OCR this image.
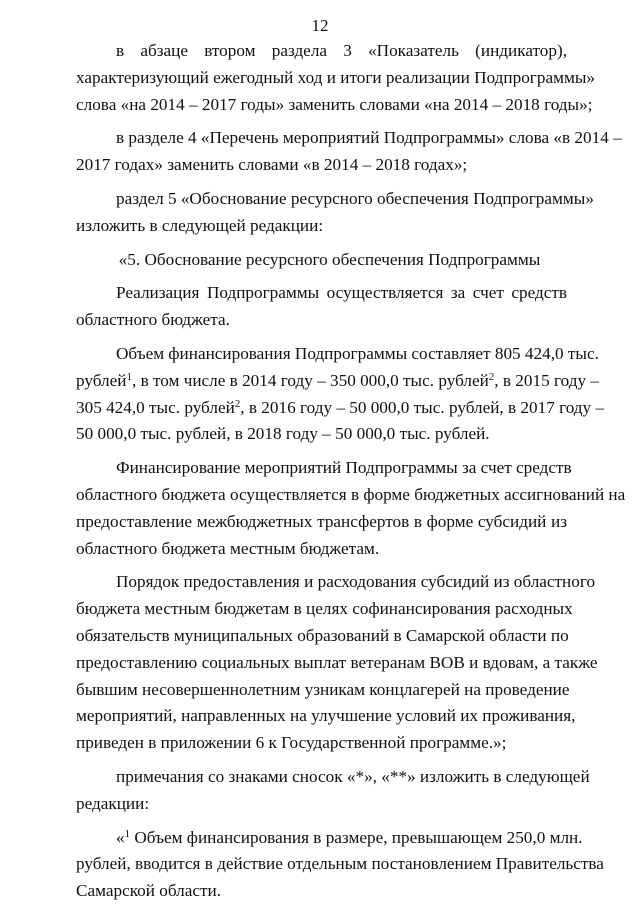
12
в абзаце втором раздела 3 «Показатель (индикатор),
характеризующий ежегодный ход и итоги реализации Подпрограммы»
слова «на 2014 – 2017 годы» заменить словами «на 2014 – 2018 годы»;
в разделе 4 «Перечень мероприятий Подпрограммы» слова «в 2014 –
2017 годах» заменить словами «в 2014 – 2018 годах»;
раздел 5 «Обоснование ресурсного обеспечения Подпрограммы»
изложить в следующей редакции:
«5. Обоснование ресурсного обеспечения Подпрограммы
Реализация Подпрограммы осуществляется за счет средств
областного бюджета.
Объем финансирования Подпрограммы составляет 805 424,0 тыс.
рублей$^1$, в том числе в 2014 году – 350 000,0 тыс. рублей$^2$, в 2015 году –
305 424,0 тыс. рублей$^2$, в 2016 году – 50 000,0 тыс. рублей, в 2017 году –
50 000,0 тыс. рублей, в 2018 году – 50 000,0 тыс. рублей.
Финансирование мероприятий Подпрограммы за счет средств
областного бюджета осуществляется в форме бюджетных ассигнований на
предоставление межбюджетных трансфертов в форме субсидий из
областного бюджета местным бюджетам.
Порядок предоставления и расходования субсидий из областного
бюджета местным бюджетам в целях софинансирования расходных
обязательств муниципальных образований в Самарской области по
предоставлению социальных выплат ветеранам ВОВ и вдовам, а также
бывшим несовершеннолетним узникам концлагерей на проведение
мероприятий, направленных на улучшение условий их проживания,
приведен в приложении 6 к Государственной программе.»;
примечания со знаками сносок «*», «**» изложить в следующей
редакции:
«$^1$ Объем финансирования в размере, превышающем 250,0 млн.
рублей, вводится в действие отдельным постановлением Правительства
Самарской области.
